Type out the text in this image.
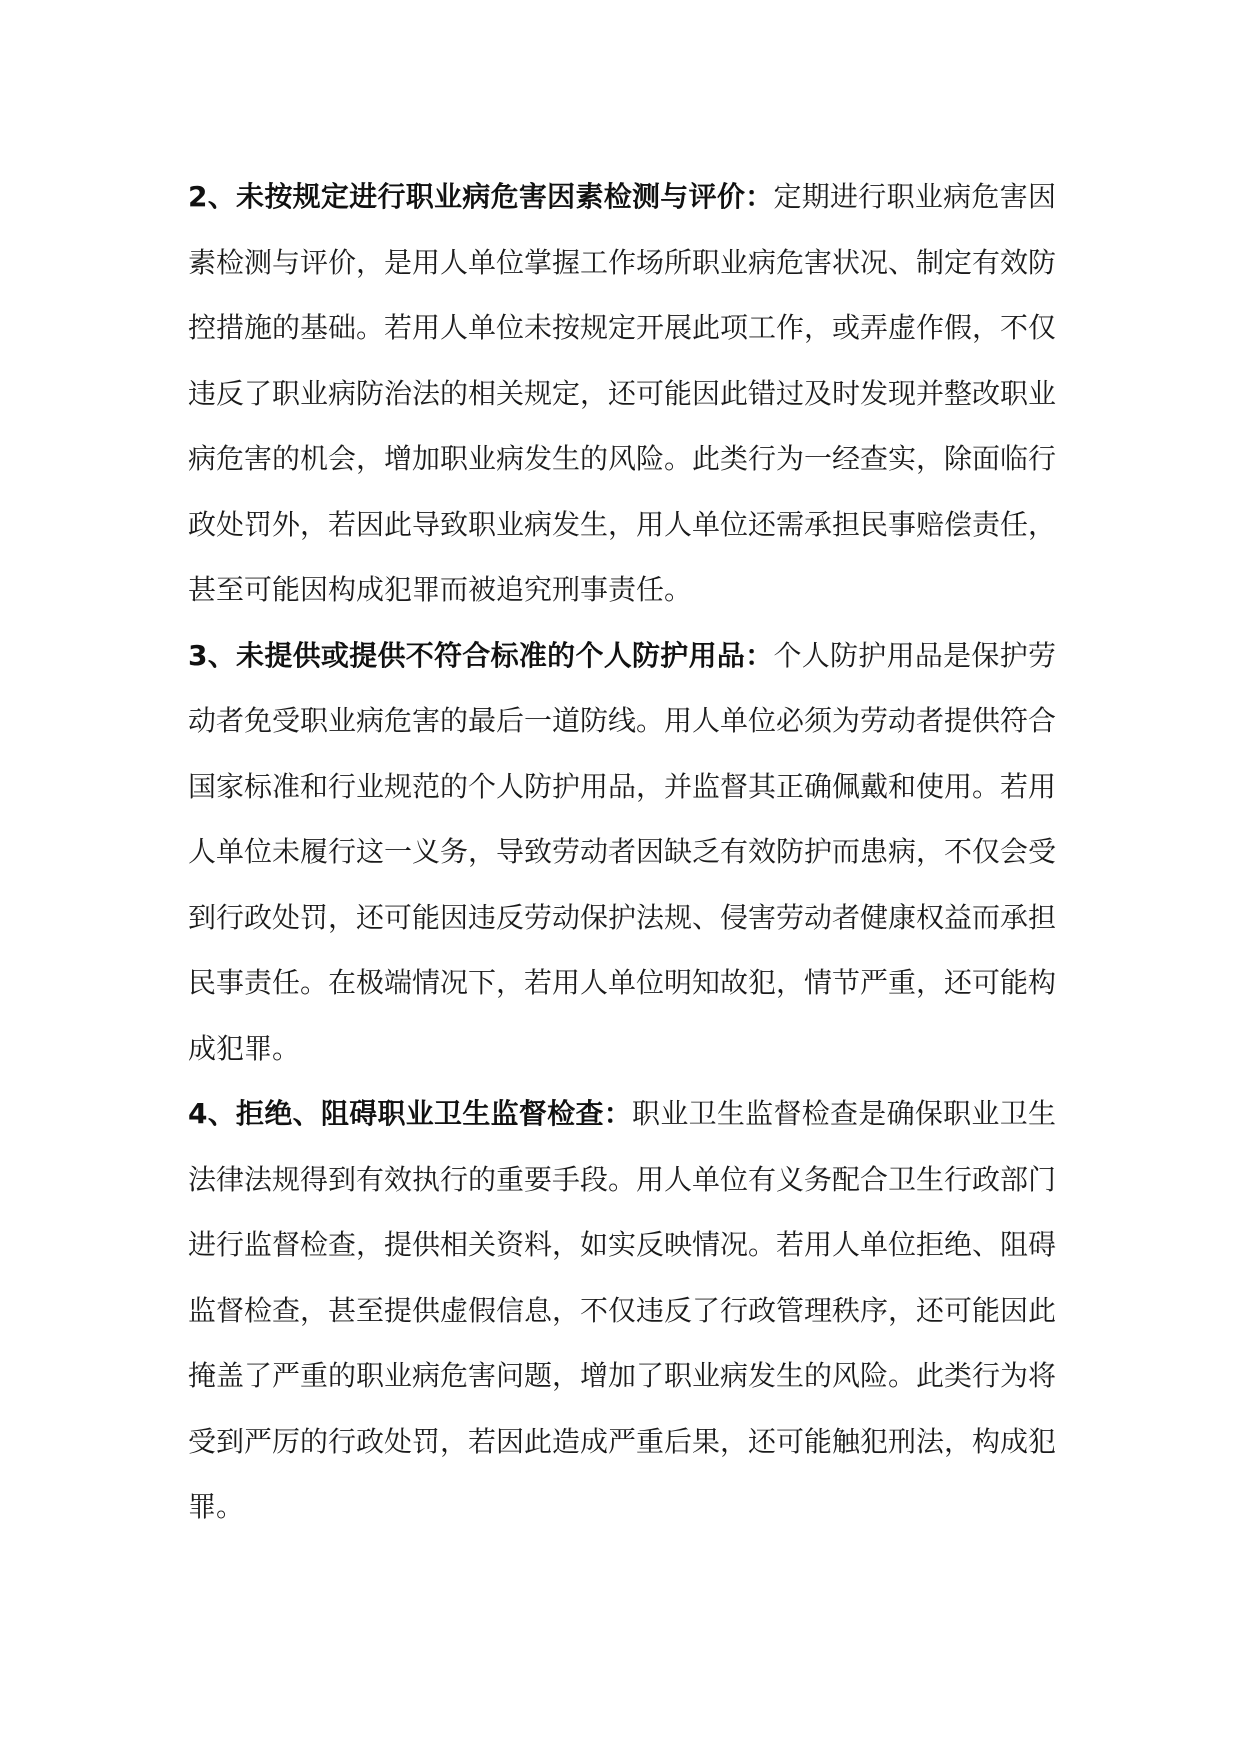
2、未按规定进行职业病危害因素检测与评价：定期进行职业病危害因素检测与评价，是用人单位掌握工作场所职业病危害状况、制定有效防控措施的基础。若用人单位未按规定开展此项工作，或弄虚作假，不仅违反了职业病防治法的相关规定，还可能因此错过及时发现并整改职业病危害的机会，增加职业病发生的风险。此类行为一经查实，除面临行政处罚外，若因此导致职业病发生，用人单位还需承担民事赔偿责任，甚至可能因构成犯罪而被追究刑事责任。

3、未提供或提供不符合标准的个人防护用品：个人防护用品是保护劳动者免受职业病危害的最后一道防线。用人单位必须为劳动者提供符合国家标准和行业规范的个人防护用品，并监督其正确佩戴和使用。若用人单位未履行这一义务，导致劳动者因缺乏有效防护而患病，不仅会受到行政处罚，还可能因违反劳动保护法规、侵害劳动者健康权益而承担民事责任。在极端情况下，若用人单位明知故犯，情节严重，还可能构成犯罪。

4、拒绝、阻碍职业卫生监督检查：职业卫生监督检查是确保职业卫生法律法规得到有效执行的重要手段。用人单位有义务配合卫生行政部门进行监督检查，提供相关资料，如实反映情况。若用人单位拒绝、阻碍监督检查，甚至提供虚假信息，不仅违反了行政管理秩序，还可能因此掩盖了严重的职业病危害问题，增加了职业病发生的风险。此类行为将受到严厉的行政处罚，若因此造成严重后果，还可能触犯刑法，构成犯罪。
